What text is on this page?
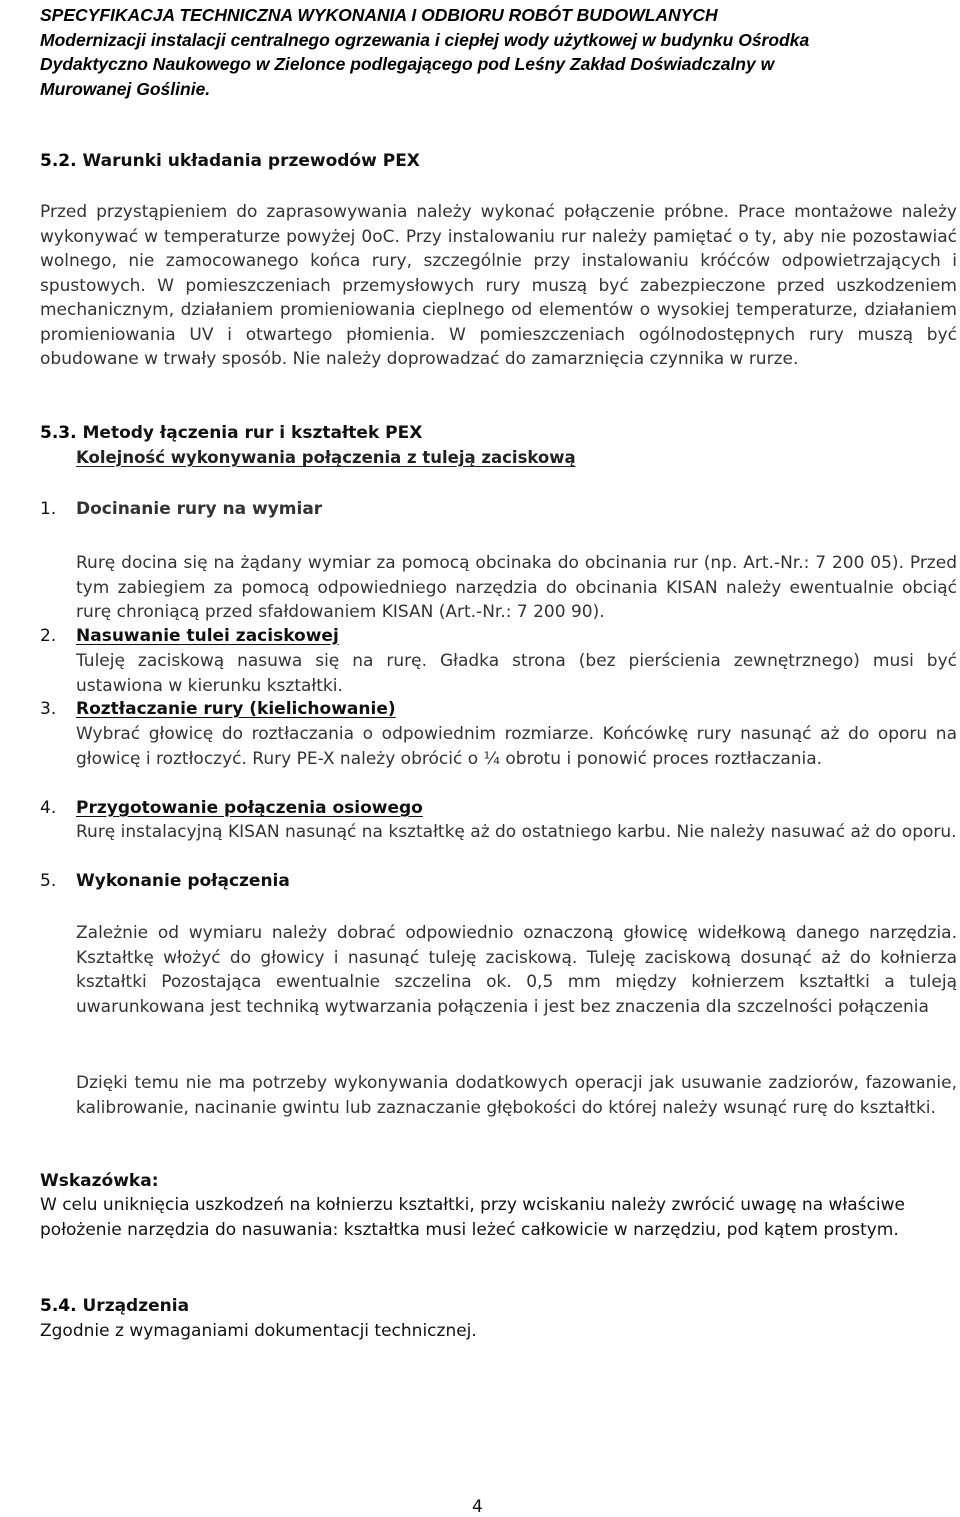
SPECYFIKACJA TECHNICZNA WYKONANIA I ODBIORU ROBÓT BUDOWLANYCH
Modernizacji instalacji centralnego ogrzewania i ciepłej wody użytkowej w budynku Ośrodka
Dydaktyczno Naukowego w Zielonce podlegającego pod Leśny Zakład Doświadczalny w
Murowanej Goślinie.
5.2. Warunki układania przewodów PEX
Przed przystąpieniem do zaprasowywania należy wykonać połączenie próbne. Prace montażowe należy wykonywać w temperaturze powyżej 0oC. Przy instalowaniu rur należy pamiętać o ty, aby nie pozostawiać wolnego, nie zamocowanego końca rury, szczególnie przy instalowaniu króćców odpowietrzających i spustowych. W pomieszczeniach przemysłowych rury muszą być zabezpieczone przed uszkodzeniem mechanicznym, działaniem promieniowania cieplnego od elementów o wysokiej temperaturze, działaniem promieniowania UV i otwartego płomienia. W pomieszczeniach ogólnodostępnych rury muszą być obudowane w trwały sposób. Nie należy doprowadzać do zamarznięcia czynnika w rurze.
5.3. Metody łączenia rur i kształtek PEX
Kolejność wykonywania połączenia z tuleją zaciskową
1. Docinanie rury na wymiar
Rurę docina się na żądany wymiar za pomocą obcinaka do obcinania rur (np. Art.-Nr.: 7 200 05). Przed tym zabiegiem za pomocą odpowiedniego narzędzia do obcinania KISAN należy ewentualnie obciąć rurę chroniącą przed sfałdowaniem KISAN (Art.-Nr.: 7 200 90).
2. Nasuwanie tulei zaciskowej
Tuleję zaciskową nasuwa się na rurę. Gładka strona (bez pierścienia zewnętrznego) musi być ustawiona w kierunku kształtki.
3. Roztłaczanie rury (kielichowanie)
Wybrać głowicę do roztłaczania o odpowiednim rozmiarze. Końcówkę rury nasunąć aż do oporu na głowicę i roztłoczyć. Rury PE-X należy obrócić o ¼ obrotu i ponowić proces roztłaczania.
4. Przygotowanie połączenia osiowego
Rurę instalacyjną KISAN nasunąć na kształtkę aż do ostatniego karbu. Nie należy nasuwać aż do oporu.
5. Wykonanie połączenia
Zależnie od wymiaru należy dobrać odpowiednio oznaczoną głowicę widełkową danego narzędzia. Kształtkę włożyć do głowicy i nasunąć tuleję zaciskową. Tuleję zaciskową dosunąć aż do kołnierza kształtki Pozostająca ewentualnie szczelina ok. 0,5 mm między kołnierzem kształtki a tuleją uwarunkowana jest techniką wytwarzania połączenia i jest bez znaczenia dla szczelności połączenia
Dzięki temu nie ma potrzeby wykonywania dodatkowych operacji jak usuwanie zadziorów, fazowanie, kalibrowanie, nacinanie gwintu lub zaznaczanie głębokości do której należy wsunąć rurę do kształtki.
Wskazówka:
W celu uniknięcia uszkodzeń na kołnierzu kształtki, przy wciskaniu należy zwrócić uwagę na właściwe położenie narzędzia do nasuwania: kształtka musi leżeć całkowicie w narzędziu, pod kątem prostym.
5.4. Urządzenia
Zgodnie z wymaganiami dokumentacji technicznej.
4
